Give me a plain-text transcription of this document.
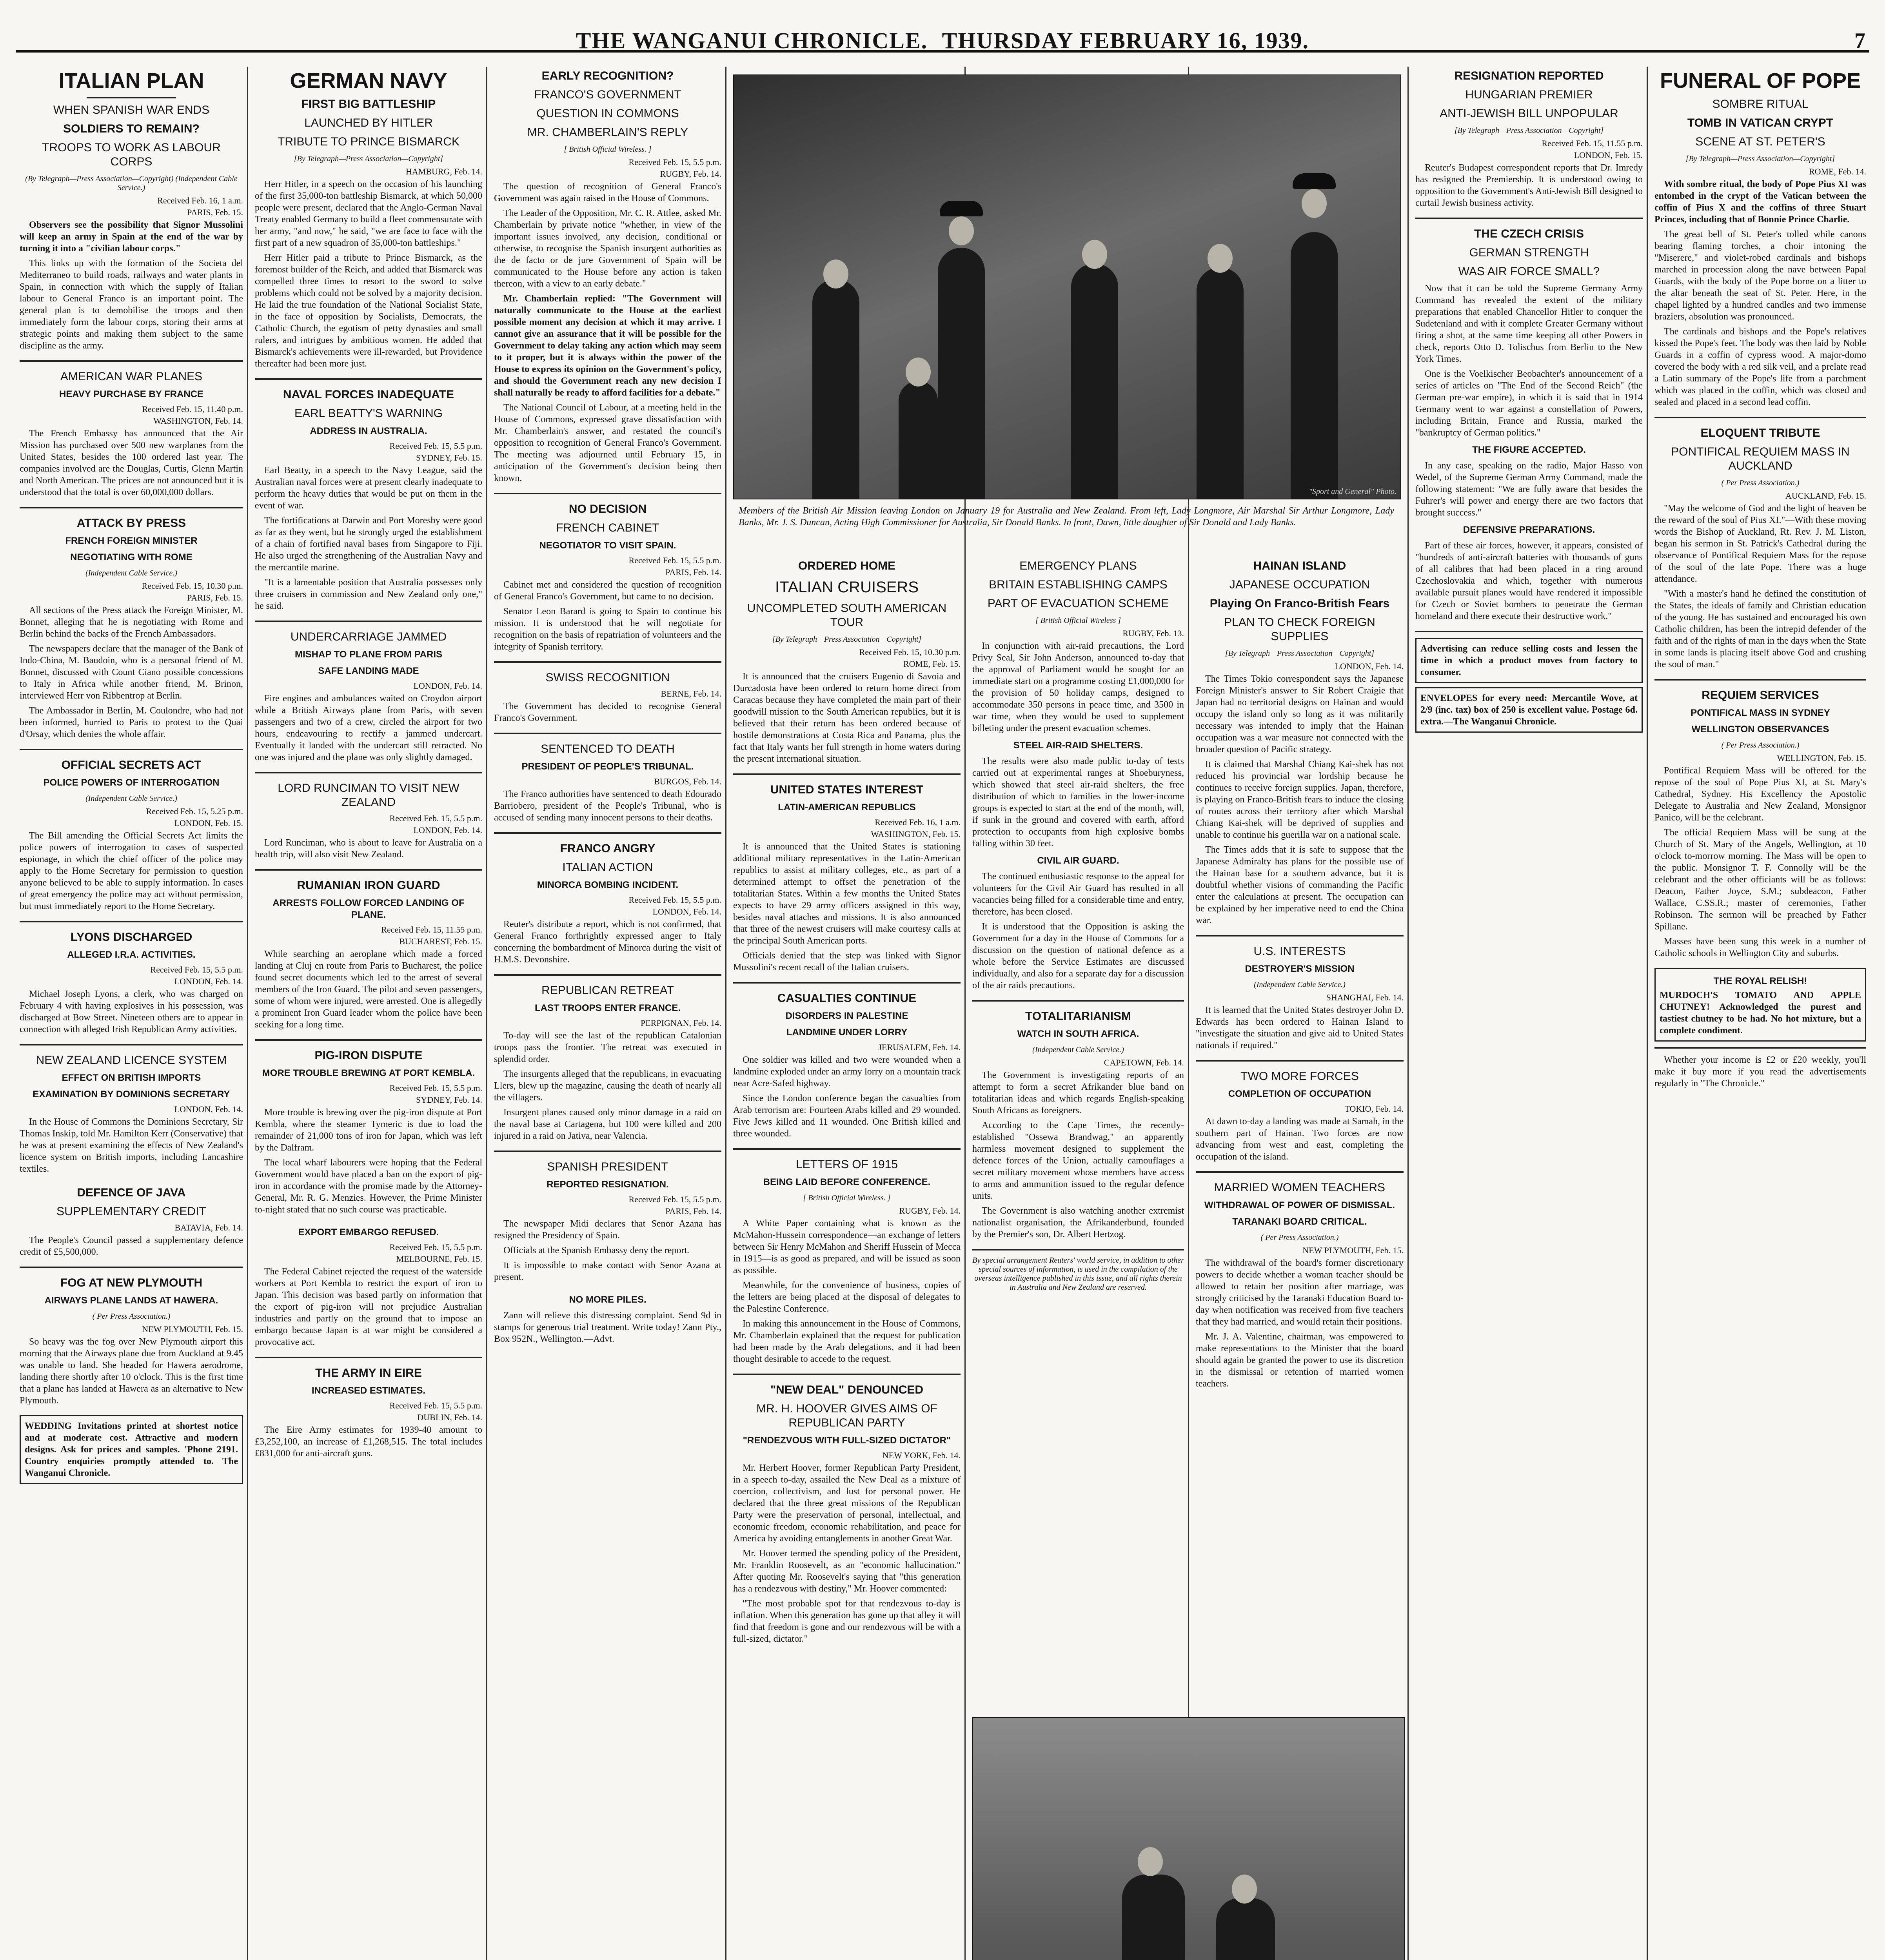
THE WANGANUI CHRONICLE. THURSDAY FEBRUARY 16, 1939.	7
ITALIAN PLAN
WHEN SPANISH WAR ENDS
SOLDIERS TO REMAIN?
TROOPS TO WORK AS LABOUR CORPS
(By Telegraph—Press Association—Copyright) (Independent Cable Service.)
Received Feb. 16, 1 a.m.
PARIS, Feb. 15.

Observers see the possibility that Signor Mussolini will keep an army in Spain at the end of the war by turning it into a "civilian labour corps."

This links up with the formation of the Societa del Mediterraneo to build roads, railways and water plants in Spain, in connection with which the supply of Italian labour to General Franco is an important point. The general plan is to demobilise the troops and then immediately form the labour corps, storing their arms at strategic points and making them subject to the same discipline as the army.

AMERICAN WAR PLANES
HEAVY PURCHASE BY FRANCE
Received Feb. 15, 11.40 p.m.
WASHINGTON, Feb. 14.

The French Embassy has announced that the Air Mission has purchased over 500 new warplanes from the United States, besides the 100 ordered last year. The companies involved are the Douglas, Curtis, Glenn Martin and North American. The prices are not announced but it is understood that the total is over 60,000,000 dollars.

ATTACK BY PRESS
FRENCH FOREIGN MINISTER
NEGOTIATING WITH ROME
(Independent Cable Service.)
Received Feb. 15, 10.30 p.m.
PARIS, Feb. 15.

All sections of the Press attack the Foreign Minister, M. Bonnet, alleging that he is negotiating with Rome and Berlin behind the backs of the French Ambassadors.

The newspapers declare that the manager of the Bank of Indo-China, M. Baudoin, who is a personal friend of M. Bonnet, discussed with Count Ciano possible concessions to Italy in Africa while another friend, M. Brinon, interviewed Herr von Ribbentrop at Berlin.

The Ambassador in Berlin, M. Coulondre, who had not been informed, hurried to Paris to protest to the Quai d'Orsay, which denies the whole affair.

OFFICIAL SECRETS ACT
POLICE POWERS OF INTERROGATION
(Independent Cable Service.)
Received Feb. 15, 5.25 p.m.
LONDON, Feb. 15.

The Bill amending the Official Secrets Act limits the police powers of interrogation to cases of suspected espionage, in which the chief officer of the police may apply to the Home Secretary for permission to question anyone believed to be able to supply information. In cases of great emergency the police may act without permission, but must immediately report to the Home Secretary.

LYONS DISCHARGED
ALLEGED I.R.A. ACTIVITIES.
Received Feb. 15, 5.5 p.m.
LONDON, Feb. 14.

Michael Joseph Lyons, a clerk, who was charged on February 4 with having explosives in his possession, was discharged at Bow Street. Nineteen others are to appear in connection with alleged Irish Republican Army activities.

NEW ZEALAND LICENCE SYSTEM
EFFECT ON BRITISH IMPORTS
EXAMINATION BY DOMINIONS SECRETARY
LONDON, Feb. 14.

In the House of Commons the Dominions Secretary, Sir Thomas Inskip, told Mr. Hamilton Kerr (Conservative) that he was at present examining the effects of New Zealand's licence system on British imports, including Lancashire textiles.

DEFENCE OF JAVA
SUPPLEMENTARY CREDIT
BATAVIA, Feb. 14.

The People's Council passed a supplementary defence credit of £5,500,000.

FOG AT NEW PLYMOUTH
AIRWAYS PLANE LANDS AT HAWERA.
( Per Press Association.)
NEW PLYMOUTH, Feb. 15.

So heavy was the fog over New Plymouth airport this morning that the Airways plane due from Auckland at 9.45 was unable to land. She headed for Hawera aerodrome, landing there shortly after 10 o'clock. This is the first time that a plane has landed at Hawera as an alternative to New Plymouth.

WEDDING Invitations printed at shortest notice and at moderate cost. Attractive and modern designs. Ask for prices and samples. 'Phone 2191. Country enquiries promptly attended to. The Wanganui Chronicle.
GERMAN NAVY
FIRST BIG BATTLESHIP
LAUNCHED BY HITLER
TRIBUTE TO PRINCE BISMARCK
[By Telegraph—Press Association—Copyright]
HAMBURG, Feb. 14.

Herr Hitler, in a speech on the occasion of his launching of the first 35,000-ton battleship Bismarck, at which 50,000 people were present, declared that the Anglo-German Naval Treaty enabled Germany to build a fleet commensurate with her army, "and now," he said, "we are face to face with the first part of a new squadron of 35,000-ton battleships."

Herr Hitler paid a tribute to Prince Bismarck, as the foremost builder of the Reich, and added that Bismarck was compelled three times to resort to the sword to solve problems which could not be solved by a majority decision. He laid the true foundation of the National Socialist State, in the face of opposition by Socialists, Democrats, the Catholic Church, the egotism of petty dynasties and small rulers, and intrigues by ambitious women. He added that Bismarck's achievements were ill-rewarded, but Providence thereafter had been more just.

NAVAL FORCES INADEQUATE
EARL BEATTY'S WARNING
ADDRESS IN AUSTRALIA.
Received Feb. 15, 5.5 p.m.
SYDNEY, Feb. 15.

Earl Beatty, in a speech to the Navy League, said the Australian naval forces were at present clearly inadequate to perform the heavy duties that would be put on them in the event of war.

The fortifications at Darwin and Port Moresby were good as far as they went, but he strongly urged the establishment of a chain of fortified naval bases from Singapore to Fiji. He also urged the strengthening of the Australian Navy and the mercantile marine.

"It is a lamentable position that Australia possesses only three cruisers in commission and New Zealand only one," he said.

UNDERCARRIAGE JAMMED
MISHAP TO PLANE FROM PARIS
SAFE LANDING MADE
LONDON, Feb. 14.

Fire engines and ambulances waited on Croydon airport while a British Airways plane from Paris, with seven passengers and two of a crew, circled the airport for two hours, endeavouring to rectify a jammed undercart. Eventually it landed with the undercart still retracted. No one was injured and the plane was only slightly damaged.

LORD RUNCIMAN TO VISIT NEW ZEALAND
Received Feb. 15, 5.5 p.m.
LONDON, Feb. 14.

Lord Runciman, who is about to leave for Australia on a health trip, will also visit New Zealand.

RUMANIAN IRON GUARD
ARRESTS FOLLOW FORCED LANDING OF PLANE.
Received Feb. 15, 11.55 p.m.
BUCHAREST, Feb. 15.

While searching an aeroplane which made a forced landing at Cluj en route from Paris to Bucharest, the police found secret documents which led to the arrest of several members of the Iron Guard. The pilot and seven passengers, some of whom were injured, were arrested. One is allegedly a prominent Iron Guard leader whom the police have been seeking for a long time.

PIG-IRON DISPUTE
MORE TROUBLE BREWING AT PORT KEMBLA.
Received Feb. 15, 5.5 p.m.
SYDNEY, Feb. 14.

More trouble is brewing over the pig-iron dispute at Port Kembla, where the steamer Tymeric is due to load the remainder of 21,000 tons of iron for Japan, which was left by the Dalfram.

The local wharf labourers were hoping that the Federal Government would have placed a ban on the export of pig-iron in accordance with the promise made by the Attorney-General, Mr. R. G. Menzies. However, the Prime Minister to-night stated that no such course was practicable.

EXPORT EMBARGO REFUSED.
Received Feb. 15, 5.5 p.m.
MELBOURNE, Feb. 15.

The Federal Cabinet rejected the request of the waterside workers at Port Kembla to restrict the export of iron to Japan. This decision was based partly on information that the export of pig-iron will not prejudice Australian industries and partly on the ground that to impose an embargo because Japan is at war might be considered a provocative act.

THE ARMY IN EIRE
INCREASED ESTIMATES.
Received Feb. 15, 5.5 p.m.
DUBLIN, Feb. 14.

The Eire Army estimates for 1939-40 amount to £3,252,100, an increase of £1,268,515. The total includes £831,000 for anti-aircraft guns.

EARLY RECOGNITION?
FRANCO'S GOVERNMENT
QUESTION IN COMMONS
MR. CHAMBERLAIN'S REPLY
[ British Official Wireless. ]
Received Feb. 15, 5.5 p.m.
RUGBY, Feb. 14.

The question of recognition of General Franco's Government was again raised in the House of Commons.

The Leader of the Opposition, Mr. C. R. Attlee, asked Mr. Chamberlain by private notice "whether, in view of the important issues involved, any decision, conditional or otherwise, to recognise the Spanish insurgent authorities as the de facto or de jure Government of Spain will be communicated to the House before any action is taken thereon, with a view to an early debate."

Mr. Chamberlain replied: "The Government will naturally communicate to the House at the earliest possible moment any decision at which it may arrive. I cannot give an assurance that it will be possible for the Government to delay taking any action which may seem to it proper, but it is always within the power of the House to express its opinion on the Government's policy, and should the Government reach any new decision I shall naturally be ready to afford facilities for a debate."

The National Council of Labour, at a meeting held in the House of Commons, expressed grave dissatisfaction with Mr. Chamberlain's answer, and restated the council's opposition to recognition of General Franco's Government. The meeting was adjourned until February 15, in anticipation of the Government's decision being then known.

NO DECISION
FRENCH CABINET
NEGOTIATOR TO VISIT SPAIN.
Received Feb. 15, 5.5 p.m.
PARIS, Feb. 14.

Cabinet met and considered the question of recognition of General Franco's Government, but came to no decision.

Senator Leon Barard is going to Spain to continue his mission. It is understood that he will negotiate for recognition on the basis of repatriation of volunteers and the integrity of Spanish territory.

SWISS RECOGNITION
BERNE, Feb. 14.

The Government has decided to recognise General Franco's Government.

SENTENCED TO DEATH
PRESIDENT OF PEOPLE'S TRIBUNAL.
BURGOS, Feb. 14.

The Franco authorities have sentenced to death Edourado Barriobero, president of the People's Tribunal, who is accused of sending many innocent persons to their deaths.

FRANCO ANGRY
ITALIAN ACTION
MINORCA BOMBING INCIDENT.
Received Feb. 15, 5.5 p.m.
LONDON, Feb. 14.

Reuter's distribute a report, which is not confirmed, that General Franco forthrightly expressed anger to Italy concerning the bombardment of Minorca during the visit of H.M.S. Devonshire.

REPUBLICAN RETREAT
LAST TROOPS ENTER FRANCE.
PERPIGNAN, Feb. 14.

To-day will see the last of the republican Catalonian troops pass the frontier. The retreat was executed in splendid order.

The insurgents alleged that the republicans, in evacuating Llers, blew up the magazine, causing the death of nearly all the villagers.

Insurgent planes caused only minor damage in a raid on the naval base at Cartagena, but 100 were killed and 200 injured in a raid on Jativa, near Valencia.

SPANISH PRESIDENT
REPORTED RESIGNATION.
Received Feb. 15, 5.5 p.m.
PARIS, Feb. 14.

The newspaper Midi declares that Senor Azana has resigned the Presidency of Spain.

Officials at the Spanish Embassy deny the report.

It is impossible to make contact with Senor Azana at present.

NO MORE PILES.

Zann will relieve this distressing complaint. Send 9d in stamps for generous trial treatment. Write today! Zann Pty., Box 952N., Wellington.—Advt.

"Sport and General" Photo.

Members of the British Air Mission leaving London on January 19 for Australia and New Zealand. From left, Lady Longmore, Air Marshal Sir Arthur Longmore, Lady Banks, Mr. J. S. Duncan, Acting High Commissioner for Australia, Sir Donald Banks. In front, Dawn, little daughter of Sir Donald and Lady Banks.

ORDERED HOME
ITALIAN CRUISERS
UNCOMPLETED SOUTH AMERICAN TOUR
[By Telegraph—Press Association—Copyright]
Received Feb. 15, 10.30 p.m.
ROME, Feb. 15.

It is announced that the cruisers Eugenio di Savoia and Durcadosta have been ordered to return home direct from Caracas because they have completed the main part of their goodwill mission to the South American republics, but it is believed that their return has been ordered because of hostile demonstrations at Costa Rica and Panama, plus the fact that Italy wants her full strength in home waters during the present international situation.

UNITED STATES INTEREST
LATIN-AMERICAN REPUBLICS
Received Feb. 16, 1 a.m.
WASHINGTON, Feb. 15.

It is announced that the United States is stationing additional military representatives in the Latin-American republics to assist at military colleges, etc., as part of a determined attempt to offset the penetration of the totalitarian States. Within a few months the United States expects to have 29 army officers assigned in this way, besides naval attaches and missions. It is also announced that three of the newest cruisers will make courtesy calls at the principal South American ports.

Officials denied that the step was linked with Signor Mussolini's recent recall of the Italian cruisers.

CASUALTIES CONTINUE
DISORDERS IN PALESTINE
LANDMINE UNDER LORRY
JERUSALEM, Feb. 14.

One soldier was killed and two were wounded when a landmine exploded under an army lorry on a mountain track near Acre-Safed highway.

Since the London conference began the casualties from Arab terrorism are: Fourteen Arabs killed and 29 wounded. Five Jews killed and 11 wounded. One British killed and three wounded.

LETTERS OF 1915
BEING LAID BEFORE CONFERENCE.
[ British Official Wireless. ]
RUGBY, Feb. 14.

A White Paper containing what is known as the McMahon-Hussein correspondence—an exchange of letters between Sir Henry McMahon and Sheriff Hussein of Mecca in 1915—is as good as prepared, and will be issued as soon as possible.

Meanwhile, for the convenience of business, copies of the letters are being placed at the disposal of delegates to the Palestine Conference.

In making this announcement in the House of Commons, Mr. Chamberlain explained that the request for publication had been made by the Arab delegations, and it had been thought desirable to accede to the request.

"NEW DEAL" DENOUNCED
MR. H. HOOVER GIVES AIMS OF REPUBLICAN PARTY
"RENDEZVOUS WITH FULL-SIZED DICTATOR"
NEW YORK, Feb. 14.

Mr. Herbert Hoover, former Republican Party President, in a speech to-day, assailed the New Deal as a mixture of coercion, collectivism, and lust for personal power. He declared that the three great missions of the Republican Party were the preservation of personal, intellectual, and economic freedom, economic rehabilitation, and peace for America by avoiding entanglements in another Great War.

Mr. Hoover termed the spending policy of the President, Mr. Franklin Roosevelt, as an "economic hallucination." After quoting Mr. Roosevelt's saying that "this generation has a rendezvous with destiny," Mr. Hoover commented:

"The most probable spot for that rendezvous to-day is inflation. When this generation has gone up that alley it will find that freedom is gone and our rendezvous will be with a full-sized, dictator."

EMERGENCY PLANS
BRITAIN ESTABLISHING CAMPS
PART OF EVACUATION SCHEME
[ British Official Wireless ]
RUGBY, Feb. 13.

In conjunction with air-raid precautions, the Lord Privy Seal, Sir John Anderson, announced to-day that the approval of Parliament would be sought for an immediate start on a programme costing £1,000,000 for the provision of 50 holiday camps, designed to accommodate 350 persons in peace time, and 3500 in war time, when they would be used to supplement billeting under the present evacuation schemes.

STEEL AIR-RAID SHELTERS.

The results were also made public to-day of tests carried out at experimental ranges at Shoeburyness, which showed that steel air-raid shelters, the free distribution of which to families in the lower-income groups is expected to start at the end of the month, will, if sunk in the ground and covered with earth, afford protection to occupants from high explosive bombs falling within 30 feet.

CIVIL AIR GUARD.

The continued enthusiastic response to the appeal for volunteers for the Civil Air Guard has resulted in all vacancies being filled for a considerable time and entry, therefore, has been closed.

It is understood that the Opposition is asking the Government for a day in the House of Commons for a discussion on the question of national defence as a whole before the Service Estimates are discussed individually, and also for a separate day for a discussion of the air raids precautions.

TOTALITARIANISM
WATCH IN SOUTH AFRICA.
(Independent Cable Service.)
CAPETOWN, Feb. 14.

The Government is investigating reports of an attempt to form a secret Afrikander blue band on totalitarian ideas and which regards English-speaking South Africans as foreigners.

According to the Cape Times, the recently-established "Ossewa Brandwag," an apparently harmless movement designed to supplement the defence forces of the Union, actually camouflages a secret military movement whose members have access to arms and ammunition issued to the regular defence units.

The Government is also watching another extremist nationalist organisation, the Afrikanderbund, founded by the Premier's son, Dr. Albert Hertzog.

By special arrangement Reuters' world service, in addition to other special sources of information, is used in the compilation of the overseas intelligence published in this issue, and all rights therein in Australia and New Zealand are reserved.

HAINAN ISLAND
JAPANESE OCCUPATION
Playing On Franco-British Fears
PLAN TO CHECK FOREIGN SUPPLIES
[By Telegraph—Press Association—Copyright]
LONDON, Feb. 14.

The Times Tokio correspondent says the Japanese Foreign Minister's answer to Sir Robert Craigie that Japan had no territorial designs on Hainan and would occupy the island only so long as it was militarily necessary was intended to imply that the Hainan occupation was a war measure not connected with the broader question of Pacific strategy.

It is claimed that Marshal Chiang Kai-shek has not reduced his provincial war lordship because he continues to receive foreign supplies. Japan, therefore, is playing on Franco-British fears to induce the closing of routes across their territory after which Marshal Chiang Kai-shek will be deprived of supplies and unable to continue his guerilla war on a national scale.

The Times adds that it is safe to suppose that the Japanese Admiralty has plans for the possible use of the Hainan base for a southern advance, but it is doubtful whether visions of commanding the Pacific enter the calculations at present. The occupation can be explained by her imperative need to end the China war.

U.S. INTERESTS
DESTROYER'S MISSION
(Independent Cable Service.)
SHANGHAI, Feb. 14.

It is learned that the United States destroyer John D. Edwards has been ordered to Hainan Island to "investigate the situation and give aid to United States nationals if required."

TWO MORE FORCES
COMPLETION OF OCCUPATION
TOKIO, Feb. 14.

At dawn to-day a landing was made at Samah, in the southern part of Hainan. Two forces are now advancing from west and east, completing the occupation of the island.

MARRIED WOMEN TEACHERS
WITHDRAWAL OF POWER OF DISMISSAL.
TARANAKI BOARD CRITICAL.
( Per Press Association.)
NEW PLYMOUTH, Feb. 15.

The withdrawal of the board's former discretionary powers to decide whether a woman teacher should be allowed to retain her position after marriage, was strongly criticised by the Taranaki Education Board to-day when notification was received from five teachers that they had married, and would retain their positions.

Mr. J. A. Valentine, chairman, was empowered to make representations to the Minister that the board should again be granted the power to use its discretion in the dismissal or retention of married women teachers.

RESIGNATION REPORTED
HUNGARIAN PREMIER
ANTI-JEWISH BILL UNPOPULAR
[By Telegraph—Press Association—Copyright]
Received Feb. 15, 11.55 p.m.
LONDON, Feb. 15.

Reuter's Budapest correspondent reports that Dr. Imredy has resigned the Premiership. It is understood owing to opposition to the Government's Anti-Jewish Bill designed to curtail Jewish business activity.

THE CZECH CRISIS
GERMAN STRENGTH
WAS AIR FORCE SMALL?

Now that it can be told the Supreme Germany Army Command has revealed the extent of the military preparations that enabled Chancellor Hitler to conquer the Sudetenland and with it complete Greater Germany without firing a shot, at the same time keeping all other Powers in check, reports Otto D. Tolischus from Berlin to the New York Times.

One is the Voelkischer Beobachter's announcement of a series of articles on "The End of the Second Reich" (the German pre-war empire), in which it is said that in 1914 Germany went to war against a constellation of Powers, including Britain, France and Russia, marked the "bankruptcy of German politics."

THE FIGURE ACCEPTED.

In any case, speaking on the radio, Major Hasso von Wedel, of the Supreme German Army Command, made the following statement: "We are fully aware that besides the Fuhrer's will power and energy there are two factors that brought success."

DEFENSIVE PREPARATIONS.

Part of these air forces, however, it appears, consisted of "hundreds of anti-aircraft batteries with thousands of guns of all calibres that had been placed in a ring around Czechoslovakia and which, together with numerous available pursuit planes would have rendered it impossible for Czech or Soviet bombers to penetrate the German homeland and there execute their destructive work."

Advertising can reduce selling costs and lessen the time in which a product moves from factory to consumer.
ENVELOPES for every need: Mercantile Wove, at 2/9 (inc. tax) box of 250 is excellent value. Postage 6d. extra.—The Wanganui Chronicle.
FUNERAL OF POPE
SOMBRE RITUAL
TOMB IN VATICAN CRYPT
SCENE AT ST. PETER'S
[By Telegraph—Press Association—Copyright]
ROME, Feb. 14.

With sombre ritual, the body of Pope Pius XI was entombed in the crypt of the Vatican between the coffin of Pius X and the coffins of three Stuart Princes, including that of Bonnie Prince Charlie.

The great bell of St. Peter's tolled while canons bearing flaming torches, a choir intoning the "Miserere," and violet-robed cardinals and bishops marched in procession along the nave between Papal Guards, with the body of the Pope borne on a litter to the altar beneath the seat of St. Peter. Here, in the chapel lighted by a hundred candles and two immense braziers, absolution was pronounced.

The cardinals and bishops and the Pope's relatives kissed the Pope's feet. The body was then laid by Noble Guards in a coffin of cypress wood. A major-domo covered the body with a red silk veil, and a prelate read a Latin summary of the Pope's life from a parchment which was placed in the coffin, which was closed and sealed and placed in a second lead coffin.

ELOQUENT TRIBUTE
PONTIFICAL REQUIEM MASS IN AUCKLAND
( Per Press Association.)
AUCKLAND, Feb. 15.

"May the welcome of God and the light of heaven be the reward of the soul of Pius XI."—With these moving words the Bishop of Auckland, Rt. Rev. J. M. Liston, began his sermon in St. Patrick's Cathedral during the observance of Pontifical Requiem Mass for the repose of the soul of the late Pope. There was a huge attendance.

"With a master's hand he defined the constitution of the States, the ideals of family and Christian education of the young. He has sustained and encouraged his own Catholic children, has been the intrepid defender of the faith and of the rights of man in the days when the State in some lands is placing itself above God and crushing the soul of man."

REQUIEM SERVICES
PONTIFICAL MASS IN SYDNEY
WELLINGTON OBSERVANCES
( Per Press Association.)
WELLINGTON, Feb. 15.

Pontifical Requiem Mass will be offered for the repose of the soul of Pope Pius XI, at St. Mary's Cathedral, Sydney. His Excellency the Apostolic Delegate to Australia and New Zealand, Monsignor Panico, will be the celebrant.

The official Requiem Mass will be sung at the Church of St. Mary of the Angels, Wellington, at 10 o'clock to-morrow morning. The Mass will be open to the public. Monsignor T. F. Connolly will be the celebrant and the other officiants will be as follows: Deacon, Father Joyce, S.M.; subdeacon, Father Wallace, C.SS.R.; master of ceremonies, Father Robinson. The sermon will be preached by Father Spillane.

Masses have been sung this week in a number of Catholic schools in Wellington City and suburbs.

THE ROYAL RELISH!
MURDOCH'S TOMATO AND APPLE CHUTNEY! Acknowledged the purest and tastiest chutney to be had. No hot mixture, but a complete condiment.

Whether your income is £2 or £20 weekly, you'll make it buy more if you read the advertisements regularly in "The Chronicle."
